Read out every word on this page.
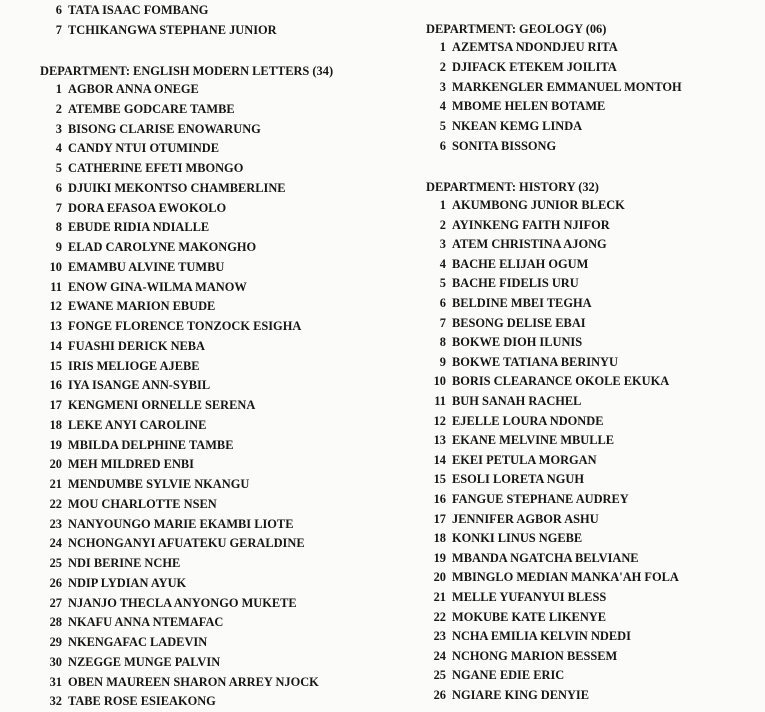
6 TATA ISAAC FOMBANG
7 TCHIKANGWA STEPHANE JUNIOR
DEPARTMENT: ENGLISH MODERN LETTERS (34)
1 AGBOR ANNA ONEGE
2 ATEMBE GODCARE TAMBE
3 BISONG CLARISE ENOWARUNG
4 CANDY NTUI OTUMINDE
5 CATHERINE EFETI MBONGO
6 DJUIKI MEKONTSO CHAMBERLINE
7 DORA EFASOA EWOKOLO
8 EBUDE RIDIA NDIALLE
9 ELAD CAROLYNE MAKONGHO
10 EMAMBU ALVINE TUMBU
11 ENOW GINA-WILMA MANOW
12 EWANE MARION EBUDE
13 FONGE FLORENCE TONZOCK ESIGHA
14 FUASHI DERICK NEBA
15 IRIS MELIOGE AJEBE
16 IYA ISANGE ANN-SYBIL
17 KENGMENI ORNELLE SERENA
18 LEKE ANYI CAROLINE
19 MBILDA DELPHINE TAMBE
20 MEH MILDRED ENBI
21 MENDUMBE SYLVIE NKANGU
22 MOU CHARLOTTE NSEN
23 NANYOUNGO MARIE EKAMBI LIOTE
24 NCHONGANYI AFUATEKU GERALDINE
25 NDI BERINE NCHE
26 NDIP LYDIAN AYUK
27 NJANJO THECLA ANYONGO MUKETE
28 NKAFU ANNA NTEMAFAC
29 NKENGAFAC LADEVIN
30 NZEGGE MUNGE PALVIN
31 OBEN MAUREEN SHARON ARREY NJOCK
32 TABE ROSE ESIEAKONG
DEPARTMENT: GEOLOGY (06)
1 AZEMTSA NDONDJEU RITA
2 DJIFACK ETEKEM JOILITA
3 MARKENGLER EMMANUEL MONTOH
4 MBOME HELEN BOTAME
5 NKEAN KEMG LINDA
6 SONITA BISSONG
DEPARTMENT: HISTORY (32)
1 AKUMBONG JUNIOR BLECK
2 AYINKENG FAITH NJIFOR
3 ATEM CHRISTINA AJONG
4 BACHE ELIJAH OGUM
5 BACHE FIDELIS URU
6 BELDINE MBEI TEGHA
7 BESONG DELISE EBAI
8 BOKWE DIOH ILUNIS
9 BOKWE TATIANA BERINYU
10 BORIS CLEARANCE OKOLE EKUKA
11 BUH SANAH RACHEL
12 EJELLE LOURA NDONDE
13 EKANE MELVINE MBULLE
14 EKEI PETULA MORGAN
15 ESOLI LORETA NGUH
16 FANGUE STEPHANE AUDREY
17 JENNIFER AGBOR ASHU
18 KONKI LINUS NGEBE
19 MBANDA NGATCHA BELVIANE
20 MBINGLO MEDIAN MANKA'AH FOLA
21 MELLE YUFANYUI BLESS
22 MOKUBE KATE LIKENYE
23 NCHA EMILIA KELVIN NDEDI
24 NCHONG MARION BESSEM
25 NGANE EDIE ERIC
26 NGIARE KING DENYIE
